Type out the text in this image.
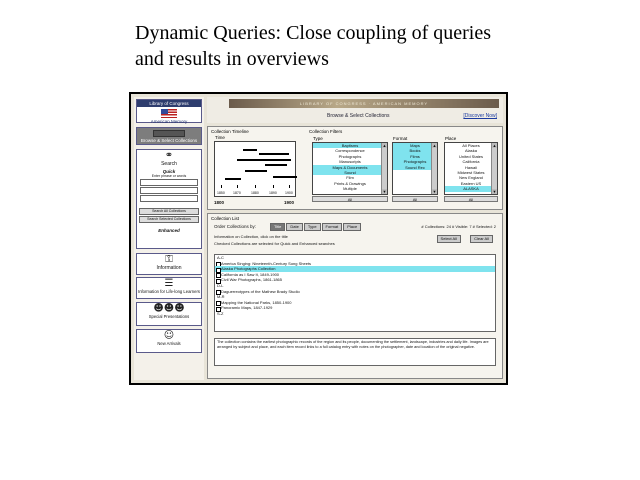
Dynamic Queries: Close coupling of queries
and results in overviews
Library of Congress
American Memory
Browse & Select Collections
⚭
Search
Quick
Enter phrase or words
Search All Collections
Search Selected Collections
Enhanced
⚿
Information
☰
Information for Life-long Learners
☻☻☻
Special Presentations
☺
New Arrivals
LIBRARY OF CONGRESS · AMERICAN MEMORY
Browse & Select Collections	[Discover Now]
Collection Timeline
Time
1850 1870	1880	1890 1900
1800	1900
Collection Filters
Type
Baptisms
Correspondence
Photographs
Manuscripts
Maps & Documents
Sound
Film
Prints & Drawings
Multiple
▲
▼
All
Format
Maps
Books
Films
Photographs
Sound Rec
▲
▼
All
Place
All Places
Alaska
United States
California
Hawaii
Midwest States
New England
Eastern US
ALASKA
▲
▼
All
Collection List
Order Collections by:	Title Date Type Format Place	# Collections: 24 # Visible: 7 # Selected: 2
Information on Collection, click on the title
Checked Collections are selected for Quick and Enhanced searches
Select All	Clear All
A-C
America Singing: Nineteenth-Century Song Sheets
Alaska Photographs Collection
California as I Saw It, 1849-1900
Civil War Photographs, 1861-1865
D-L
Daguerreotypes of the Mathew Brady Studio
M-R
Mapping the National Parks, 1850-1900
Panoramic Maps, 1847-1929
S-Z
The collection contains the earliest photographic records of the region and its people, documenting the settlement, landscape, industries and daily life. Images are arranged by subject and place, and each item record links to a full catalog entry with notes on the photographer, date and location of the original negative.
